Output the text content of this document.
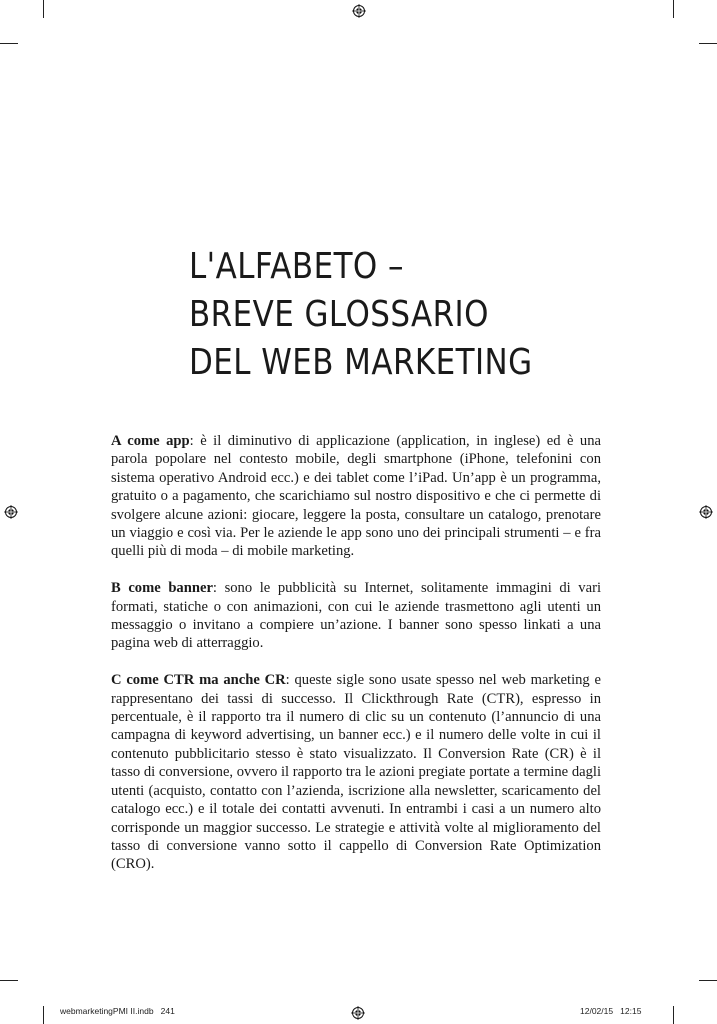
L'ALFABETO –
BREVE GLOSSARIO
DEL WEB MARKETING

A come app: è il diminutivo di applicazione (application, in inglese) ed è una parola popolare nel contesto mobile, degli smartphone (iPhone, telefonini con sistema operativo Android ecc.) e dei tablet come l’iPad. Un’app è un programma, gratuito o a pagamento, che scarichiamo sul nostro dispositivo e che ci permette di svolgere alcune azioni: giocare, leggere la posta, consultare un catalogo, prenotare un viaggio e così via. Per le aziende le app sono uno dei principali strumenti – e fra quelli più di moda – di mobile marketing.

B come banner: sono le pubblicità su Internet, solitamente immagini di vari formati, statiche o con animazioni, con cui le aziende trasmettono agli utenti un messaggio o invitano a compiere un’azione. I banner sono spesso linkati a una pagina web di atterraggio.

C come CTR ma anche CR: queste sigle sono usate spesso nel web marketing e rappresentano dei tassi di successo. Il Clickthrough Rate (CTR), espresso in percentuale, è il rapporto tra il numero di clic su un contenuto (l’annuncio di una campagna di keyword advertising, un banner ecc.) e il numero delle volte in cui il contenuto pubblicitario stesso è stato visualizzato. Il Conversion Rate (CR) è il tasso di conversione, ovvero il rapporto tra le azioni pregiate portate a termine dagli utenti (acquisto, contatto con l’azienda, iscrizione alla newsletter, scaricamento del catalogo ecc.) e il totale dei contatti avvenuti. In entrambi i casi a un numero alto corrisponde un maggior successo. Le strategie e attività volte al miglioramento del tasso di conversione vanno sotto il cappello di Conversion Rate Optimization (CRO).

webmarketingPMI II.indb   241	12/02/15   12:15
